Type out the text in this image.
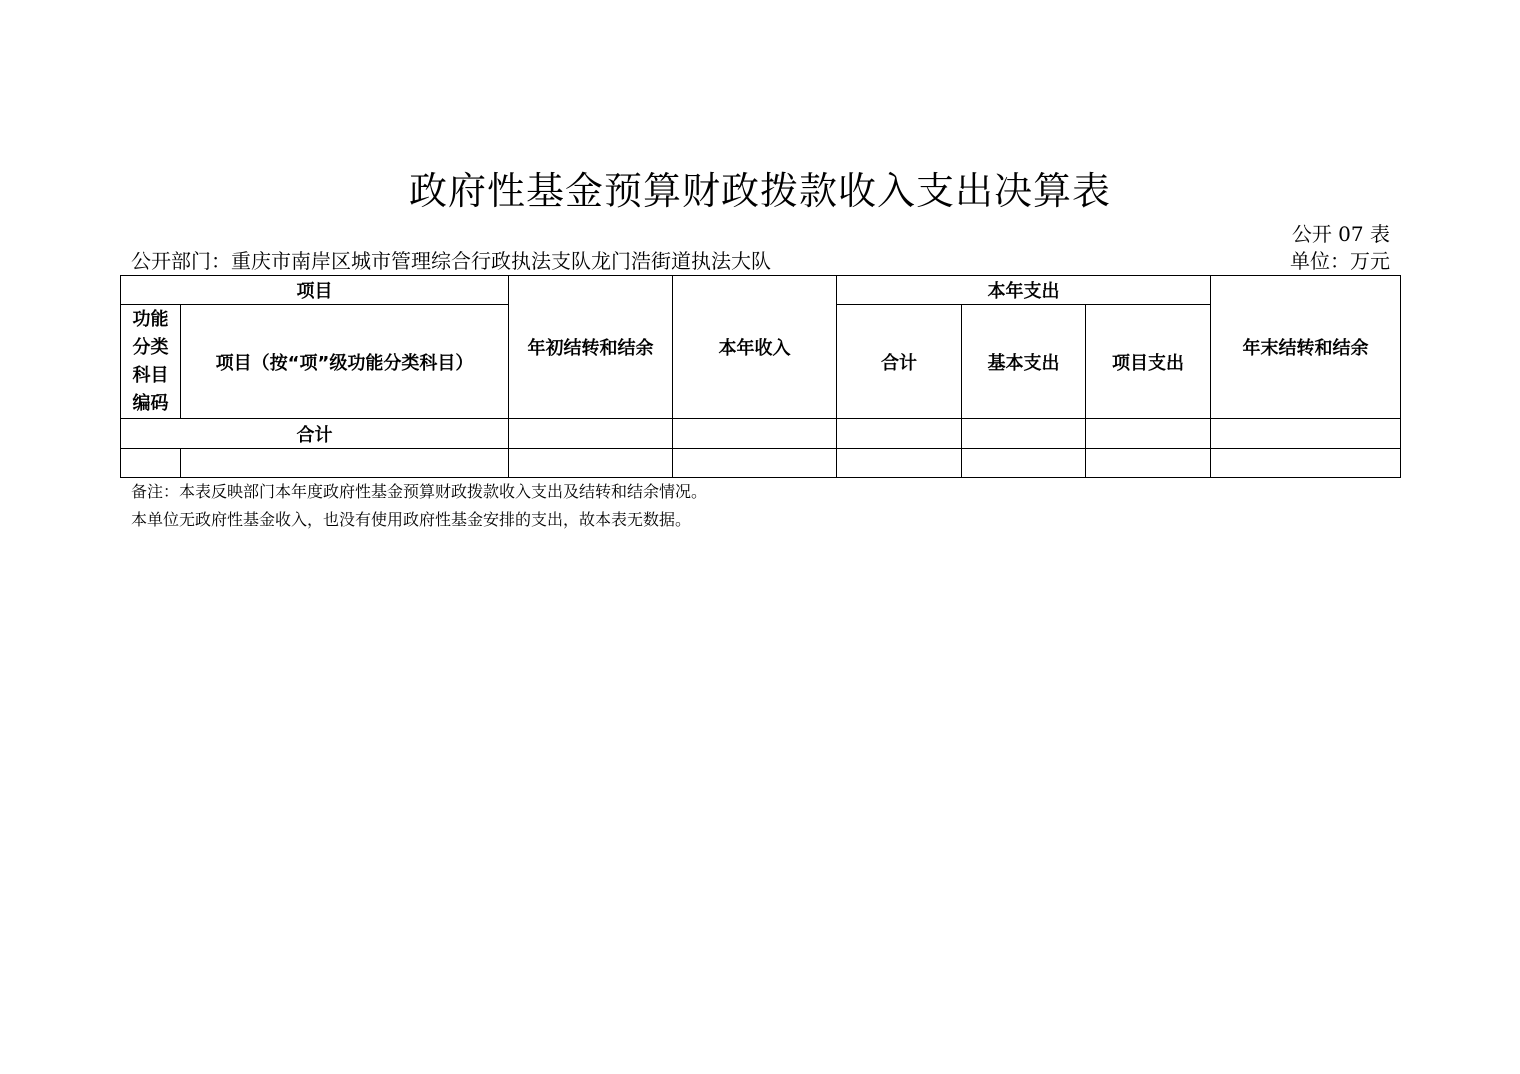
政府性基金预算财政拨款收入支出决算表
公开 07 表
公开部门：重庆市南岸区城市管理综合行政执法支队龙门浩街道执法大队	单位：万元
项目		年初结转和结余	本年收入	本年支出			年末结转和结余

功能
分类
科目
编码	项目（按“项”级功能分类科目）			合计	基本支出	项目支出	
合计							

备注：本表反映部门本年度政府性基金预算财政拨款收入支出及结转和结余情况。
本单位无政府性基金收入，也没有使用政府性基金安排的支出，故本表无数据。
